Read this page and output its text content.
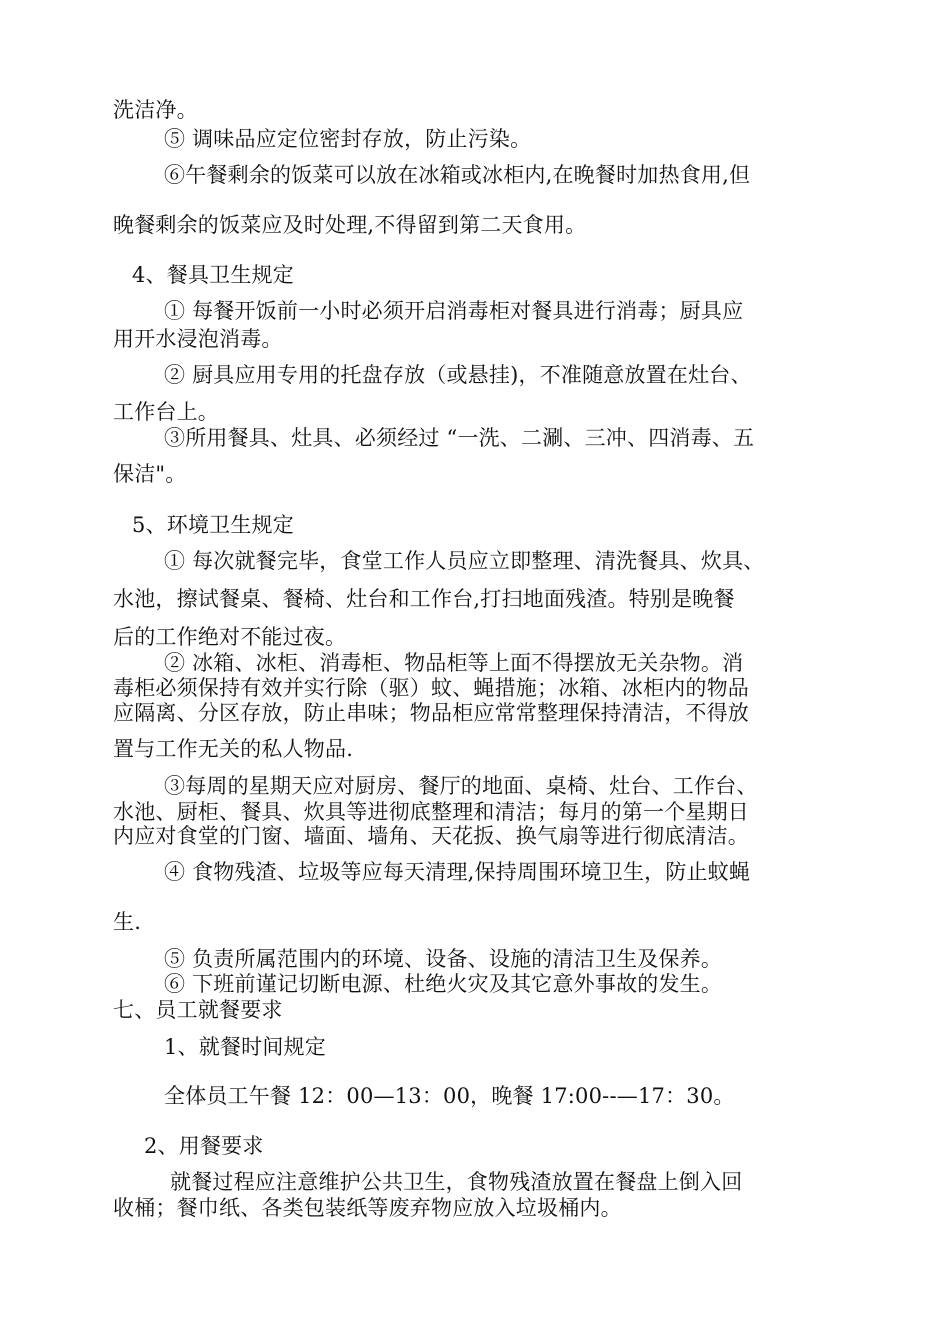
洗洁净。
⑤ 调味品应定位密封存放，防止污染。
⑥午餐剩余的饭菜可以放在冰箱或冰柜内,在晚餐时加热食用,但
晚餐剩余的饭菜应及时处理,不得留到第二天食用。
4、餐具卫生规定
① 每餐开饭前一小时必须开启消毒柜对餐具进行消毒；厨具应
用开水浸泡消毒。
② 厨具应用专用的托盘存放（或悬挂)，不准随意放置在灶台、
工作台上。
③所用餐具、灶具、必须经过 “一洗、二涮、三冲、四消毒、五
保洁"。
5、环境卫生规定
① 每次就餐完毕，食堂工作人员应立即整理、清洗餐具、炊具、
水池，擦试餐桌、餐椅、灶台和工作台,打扫地面残渣。特别是晚餐
后的工作绝对不能过夜。
② 冰箱、冰柜、消毒柜、物品柜等上面不得摆放无关杂物。消
毒柜必须保持有效并实行除（驱）蚊、蝇措施；冰箱、冰柜内的物品
应隔离、分区存放，防止串味；物品柜应常常整理保持清洁，不得放
置与工作无关的私人物品.
③每周的星期天应对厨房、餐厅的地面、桌椅、灶台、工作台、
水池、厨柜、餐具、炊具等进彻底整理和清洁；每月的第一个星期日
内应对食堂的门窗、墙面、墙角、天花扳、换气扇等进行彻底清洁。
④ 食物残渣、垃圾等应每天清理,保持周围环境卫生，防止蚊蝇
生.
⑤ 负责所属范围内的环境、设备、设施的清洁卫生及保养。
⑥ 下班前谨记切断电源、杜绝火灾及其它意外事故的发生。
七、员工就餐要求
1、就餐时间规定
全体员工午餐 12：00—13：00，晚餐 17:00--—17：30。
2、用餐要求
就餐过程应注意维护公共卫生，食物残渣放置在餐盘上倒入回
收桶；餐巾纸、各类包装纸等废弃物应放入垃圾桶内。
